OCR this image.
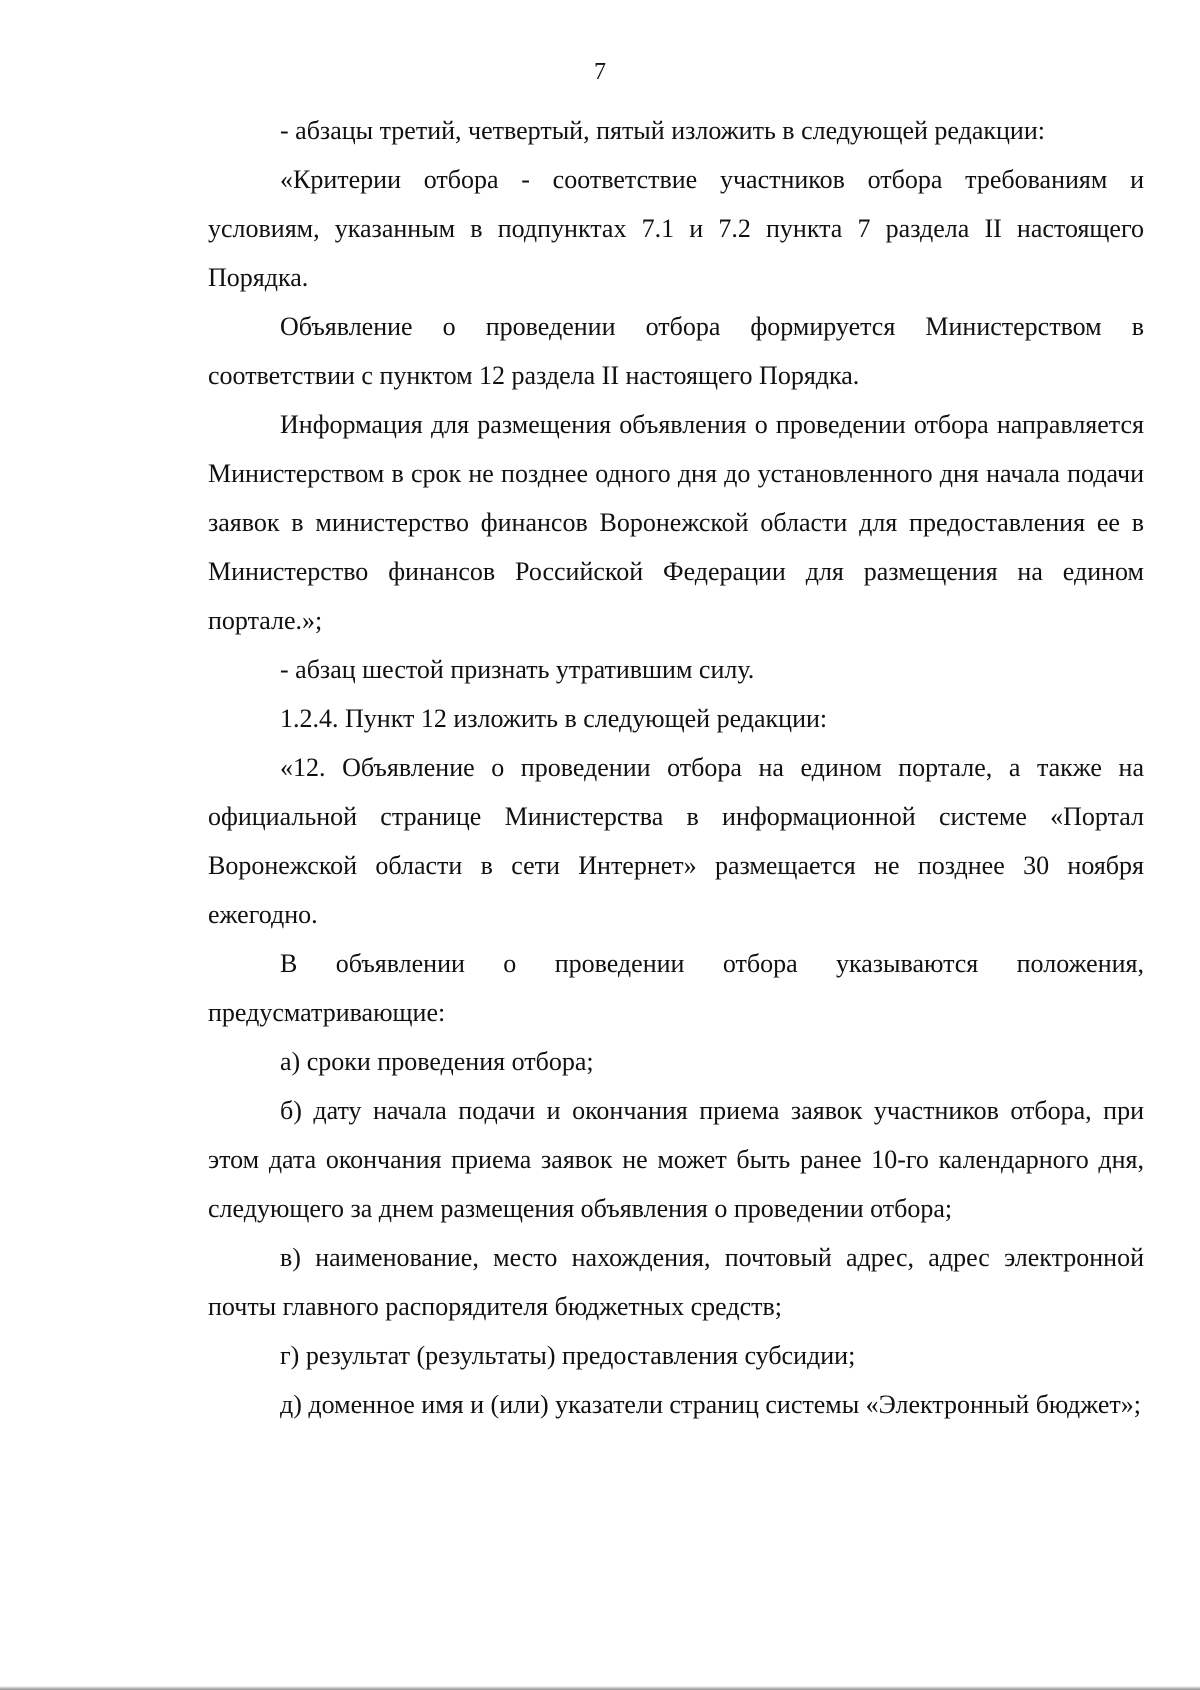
7

- абзацы третий, четвертый, пятый изложить в следующей редакции:

«Критерии отбора - соответствие участников отбора требованиям и условиям, указанным в подпунктах 7.1 и 7.2 пункта 7 раздела II настоящего Порядка.

Объявление о проведении отбора формируется Министерством в соответствии с пунктом 12 раздела II настоящего Порядка.

Информация для размещения объявления о проведении отбора направляется Министерством в срок не позднее одного дня до установленного дня начала подачи заявок в министерство финансов Воронежской области для предоставления ее в Министерство финансов Российской Федерации для размещения на едином портале.»;

- абзац шестой признать утратившим силу.

1.2.4. Пункт 12 изложить в следующей редакции:

«12. Объявление о проведении отбора на едином портале, а также на официальной странице Министерства в информационной системе «Портал Воронежской области в сети Интернет» размещается не позднее 30 ноября ежегодно.

В объявлении о проведении отбора указываются положения, предусматривающие:

а) сроки проведения отбора;

б) дату начала подачи и окончания приема заявок участников отбора, при этом дата окончания приема заявок не может быть ранее 10-го календарного дня, следующего за днем размещения объявления о проведении отбора;

в) наименование, место нахождения, почтовый адрес, адрес электронной почты главного распорядителя бюджетных средств;

г) результат (результаты) предоставления субсидии;

д) доменное имя и (или) указатели страниц системы «Электронный бюджет»;
